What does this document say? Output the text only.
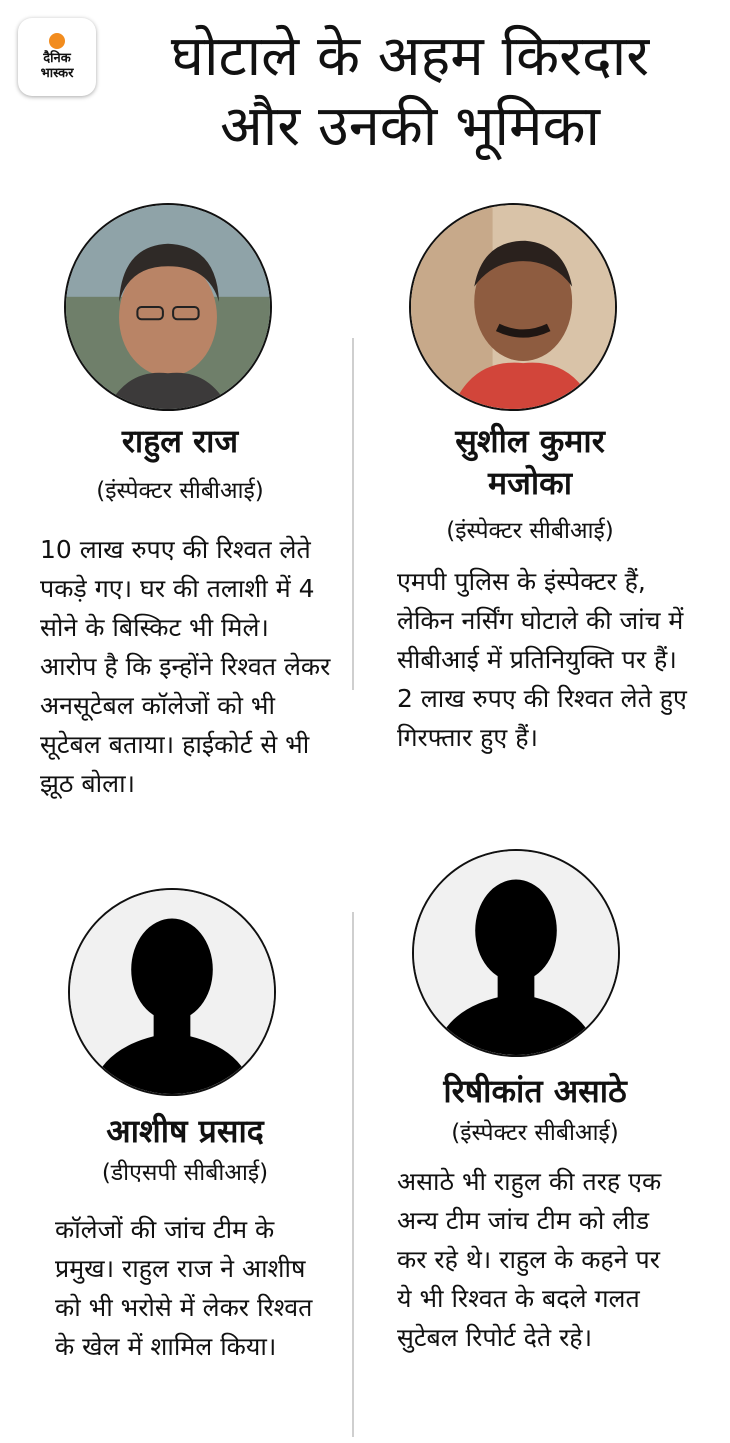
दैनिक
भास्कर	घोटाले के अहम किरदार
और उनकी भूमिका
राहुल राज
(इंस्पेक्टर सीबीआई)
10 लाख रुपए की रिश्वत लेते पकड़े गए। घर की तलाशी में 4 सोने के बिस्किट भी मिले। आरोप है कि इन्होंने रिश्वत लेकर अनसूटेबल कॉलेजों को भी सूटेबल बताया। हाईकोर्ट से भी झूठ बोला।
सुशील कुमार
मजोका
(इंस्पेक्टर सीबीआई)
एमपी पुलिस के इंस्पेक्टर हैं, लेकिन नर्सिंग घोटाले की जांच में सीबीआई में प्रतिनियुक्ति पर हैं। 2 लाख रुपए की रिश्वत लेते हुए गिरफ्तार हुए हैं।
आशीष प्रसाद
(डीएसपी सीबीआई)
कॉलेजों की जांच टीम के प्रमुख। राहुल राज ने आशीष को भी भरोसे में लेकर रिश्वत के खेल में शामिल किया।
रिषीकांत असाठे
(इंस्पेक्टर सीबीआई)
असाठे भी राहुल की तरह एक अन्य टीम जांच टीम को लीड कर रहे थे। राहुल के कहने पर ये भी रिश्वत के बदले गलत सुटेबल रिपोर्ट देते रहे।
